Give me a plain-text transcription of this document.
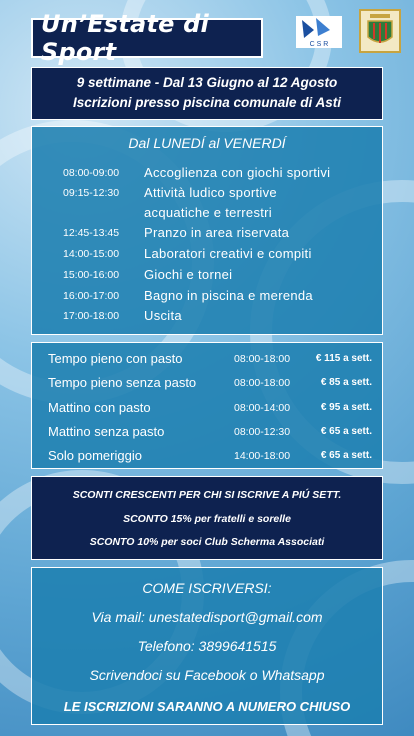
Un’Estate di Sport	C S R
9 settimane - Dal 13 Giugno al 12 Agosto
Iscrizioni presso piscina comunale di Asti
Dal LUNEDÍ al VENERDÍ
08:00-09:00 Accoglienza con giochi sportivi
09:15-12:30 Attività ludico sportive
acquatiche e terrestri
12:45-13:45 Pranzo in area riservata
14:00-15:00 Laboratori creativi e compiti
15:00-16:00 Giochi e tornei
16:00-17:00 Bagno in piscina e merenda
17:00-18:00 Uscita
Tempo pieno con pasto	08:00-18:00	€ 115 a sett.
Tempo pieno senza pasto	08:00-18:00	€ 85 a sett.
Mattino con pasto	08:00-14:00	€ 95 a sett.
Mattino senza pasto	08:00-12:30	€ 65 a sett.
Solo pomeriggio	14:00-18:00	€ 65 a sett.
SCONTI CRESCENTI PER CHI SI ISCRIVE A PIÚ SETT.
SCONTO 15% per fratelli e sorelle
SCONTO 10% per soci Club Scherma Associati
COME ISCRIVERSI:
Via mail: unestatedisport@gmail.com
Telefono: 3899641515
Scrivendoci su Facebook o Whatsapp
LE ISCRIZIONI SARANNO A NUMERO CHIUSO
